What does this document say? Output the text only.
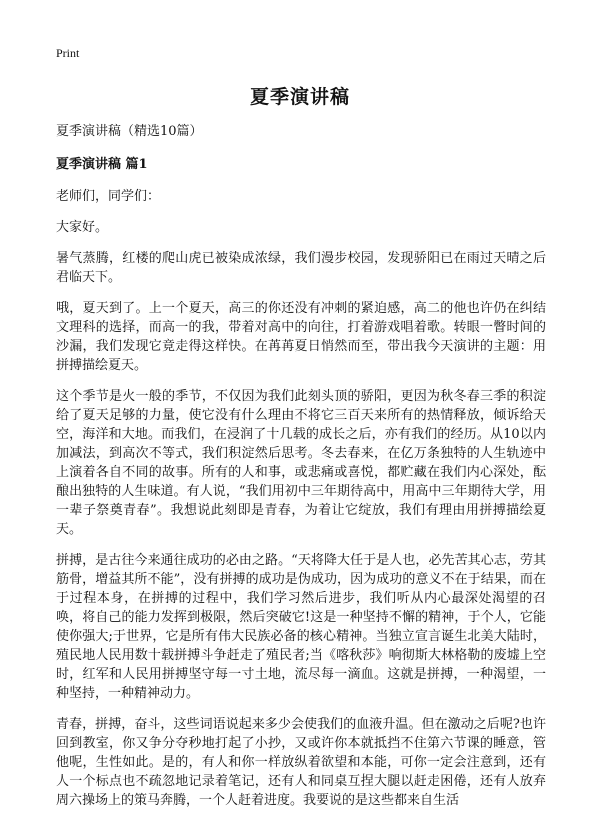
Print
夏季演讲稿

夏季演讲稿（精选10篇）

夏季演讲稿 篇1

老师们，同学们：

大家好。

暑气蒸腾，红楼的爬山虎已被染成浓绿，我们漫步校园，发现骄阳已在雨过天晴之后君临天下。

哦，夏天到了。上一个夏天，高三的你还没有冲刺的紧迫感，高二的他也许仍在纠结文理科的选择，而高一的我，带着对高中的向往，打着游戏唱着歌。转眼一瞥时间的沙漏，我们发现它竟走得这样快。在苒苒夏日悄然而至，带出我今天演讲的主题：用拼搏描绘夏天。

这个季节是火一般的季节，不仅因为我们此刻头顶的骄阳，更因为秋冬春三季的积淀给了夏天足够的力量，使它没有什么理由不将它三百天来所有的热情释放，倾诉给天空，海洋和大地。而我们，在浸润了十几载的成长之后，亦有我们的经历。从10以内加减法，到高次不等式，我们积淀然后思考。冬去春来，在亿万条独特的人生轨迹中上演着各自不同的故事。所有的人和事，或悲痛或喜悦，都贮藏在我们内心深处，酝酿出独特的人生味道。有人说，“我们用初中三年期待高中，用高中三年期待大学，用一辈子祭奠青春”。我想说此刻即是青春，为着让它绽放，我们有理由用拼搏描绘夏天。

拼搏，是古往今来通往成功的必由之路。“天将降大任于是人也，必先苦其心志，劳其筋骨，增益其所不能”，没有拼搏的成功是伪成功，因为成功的意义不在于结果，而在于过程本身，在拼搏的过程中，我们学习然后进步，我们听从内心最深处渴望的召唤，将自己的能力发挥到极限，然后突破它!这是一种坚持不懈的精神，于个人，它能使你强大;于世界，它是所有伟大民族必备的核心精神。当独立宣言诞生北美大陆时，殖民地人民用数十载拼搏斗争赶走了殖民者;当《喀秋莎》响彻斯大林格勒的废墟上空时，红军和人民用拼搏坚守每一寸土地，流尽每一滴血。这就是拼搏，一种渴望，一种坚持，一种精神动力。

青春，拼搏，奋斗，这些词语说起来多少会使我们的血液升温。但在激动之后呢?也许回到教室，你又争分夺秒地打起了小抄，又或许你本就抵挡不住第六节课的睡意，管他呢，生性如此。是的，有人和你一样放纵着欲望和本能，可你一定会注意到，还有人一个标点也不疏忽地记录着笔记，还有人和同桌互捏大腿以赶走困倦，还有人放弃周六操场上的策马奔腾，一个人赶着进度。我要说的是这些都来自生活
